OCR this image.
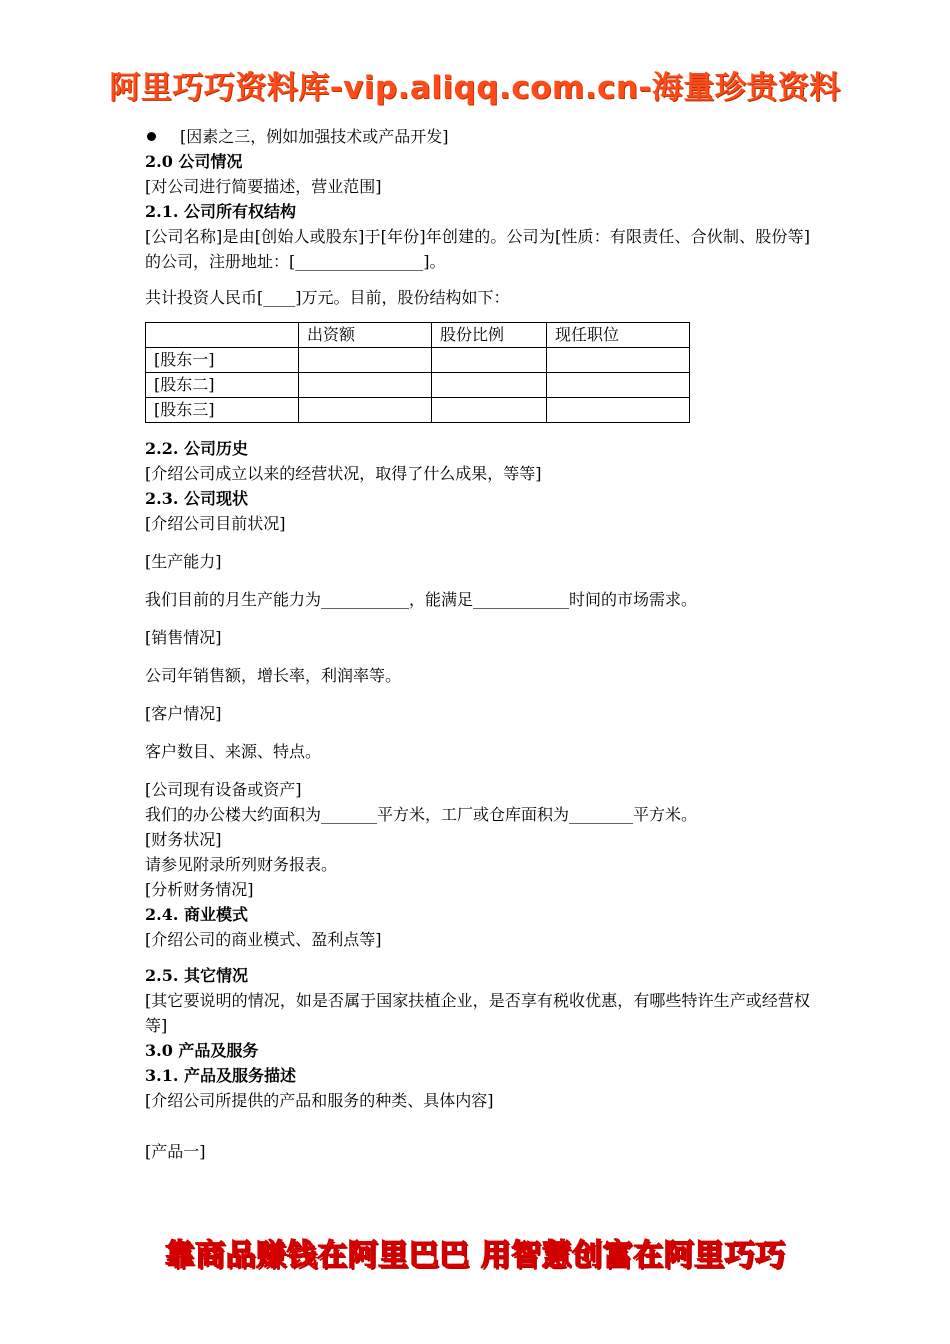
阿里巧巧资料库-vip.aliqq.com.cn-海量珍贵资料
[因素之三，例如加强技术或产品开发]
2.0 公司情况
[对公司进行简要描述，营业范围]
2.1. 公司所有权结构
[公司名称]是由[创始人或股东]于[年份]年创建的。公司为[性质：有限责任、合伙制、股份等]的公司，注册地址：[________________]。
共计投资人民币[____]万元。目前，股份结构如下：
	出资额	股份比例	现任职位
[股东一]			
[股东二]			
[股东三]			
2.2. 公司历史
[介绍公司成立以来的经营状况，取得了什么成果，等等]
2.3. 公司现状
[介绍公司目前状况]
[生产能力]
我们目前的月生产能力为___________，能满足____________时间的市场需求。
[销售情况]
公司年销售额，增长率，利润率等。
[客户情况]
客户数目、来源、特点。
[公司现有设备或资产]
我们的办公楼大约面积为_______平方米，工厂或仓库面积为________平方米。
[财务状况]
请参见附录所列财务报表。
[分析财务情况]
2.4. 商业模式
[介绍公司的商业模式、盈利点等]
2.5. 其它情况
[其它要说明的情况，如是否属于国家扶植企业，是否享有税收优惠，有哪些特许生产或经营权等]
3.0 产品及服务
3.1. 产品及服务描述
[介绍公司所提供的产品和服务的种类、具体内容]
[产品一]
靠商品赚钱在阿里巴巴 用智慧创富在阿里巧巧
